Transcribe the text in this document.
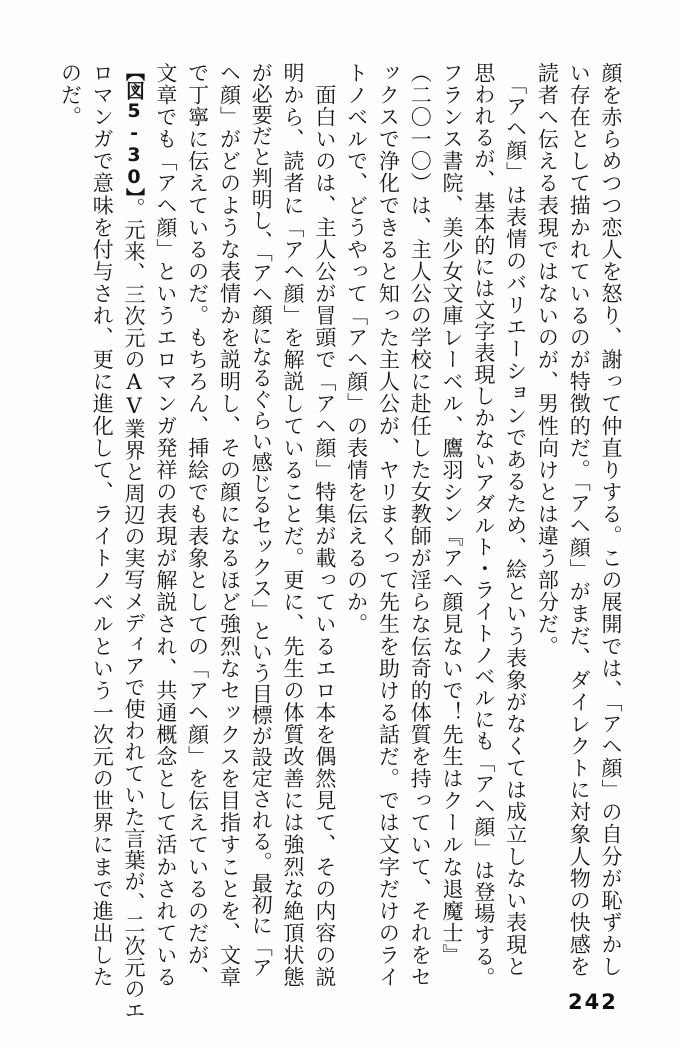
顔を赤らめつつ恋人を怒り、謝って仲直りする。この展開では、「アヘ顔」の自分が恥ずかし
い存在として描かれているのが特徴的だ。「アヘ顔」がまだ、ダイレクトに対象人物の快感を
読者へ伝える表現ではないのが、男性向けとは違う部分だ。
　「アヘ顔」は表情のバリエーションであるため、絵という表象がなくては成立しない表現と
思われるが、基本的には文字表現しかないアダルト・ライトノベルにも「アヘ顔」は登場する。
フランス書院、美少女文庫レーベル、鷹羽シン『アヘ顔見ないで！先生はクールな退魔士』
（二〇一〇）は、主人公の学校に赴任した女教師が淫らな伝奇的体質を持っていて、それをセ
ックスで浄化できると知った主人公が、ヤリまくって先生を助ける話だ。では文字だけのライ
トノベルで、どうやって「アヘ顔」の表情を伝えるのか。
　面白いのは、主人公が冒頭で「アヘ顔」特集が載っているエロ本を偶然見て、その内容の説
明から、読者に「アヘ顔」を解説していることだ。更に、先生の体質改善には強烈な絶頂状態
が必要だと判明し、「アヘ顔になるぐらい感じるセックス」という目標が設定される。最初に「ア
ヘ顔」がどのような表情かを説明し、その顔になるほど強烈なセックスを目指すことを、文章
で丁寧に伝えているのだ。もちろん、挿絵でも表象としての「アヘ顔」を伝えているのだが、
文章でも「アヘ顔」というエロマンガ発祥の表現が解説され、共通概念として活かされている
【図5-30】。元来、三次元のAV業界と周辺の実写メディアで使われていた言葉が、二次元のエ
ロマンガで意味を付与され、更に進化して、ライトノベルという一次元の世界にまで進出した
のだ。
242
